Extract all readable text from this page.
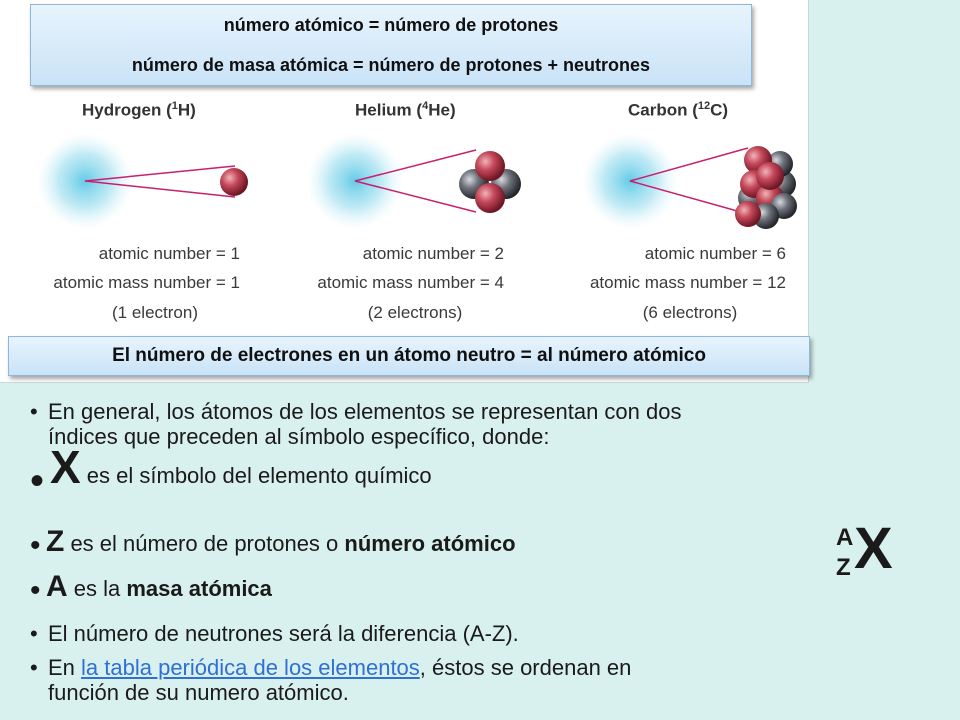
Hydrogen ($^1$H)	Helium ($^4$He)	Carbon ($^{12}$C)
atomic number = 1
atomic mass number = 1
(1 electron)
atomic number = 2
atomic mass number = 4
(2 electrons)
atomic number = 6
atomic mass number = 12
(6 electrons)
número atómico = número de protones
número de masa atómica = número de protones + neutrones
El número de electrones en un átomo neutro = al número atómico
• En general, los átomos de los elementos se representan con dos
índices que preceden al símbolo específico, donde:
• X es el símbolo del elemento químico
• Z es el número de protones o número atómico
• A es la masa atómica
• El número de neutrones será la diferencia (A-Z).
• En la tabla periódica de los elementos, éstos se ordenan en
función de su numero atómico.
A
Z X
